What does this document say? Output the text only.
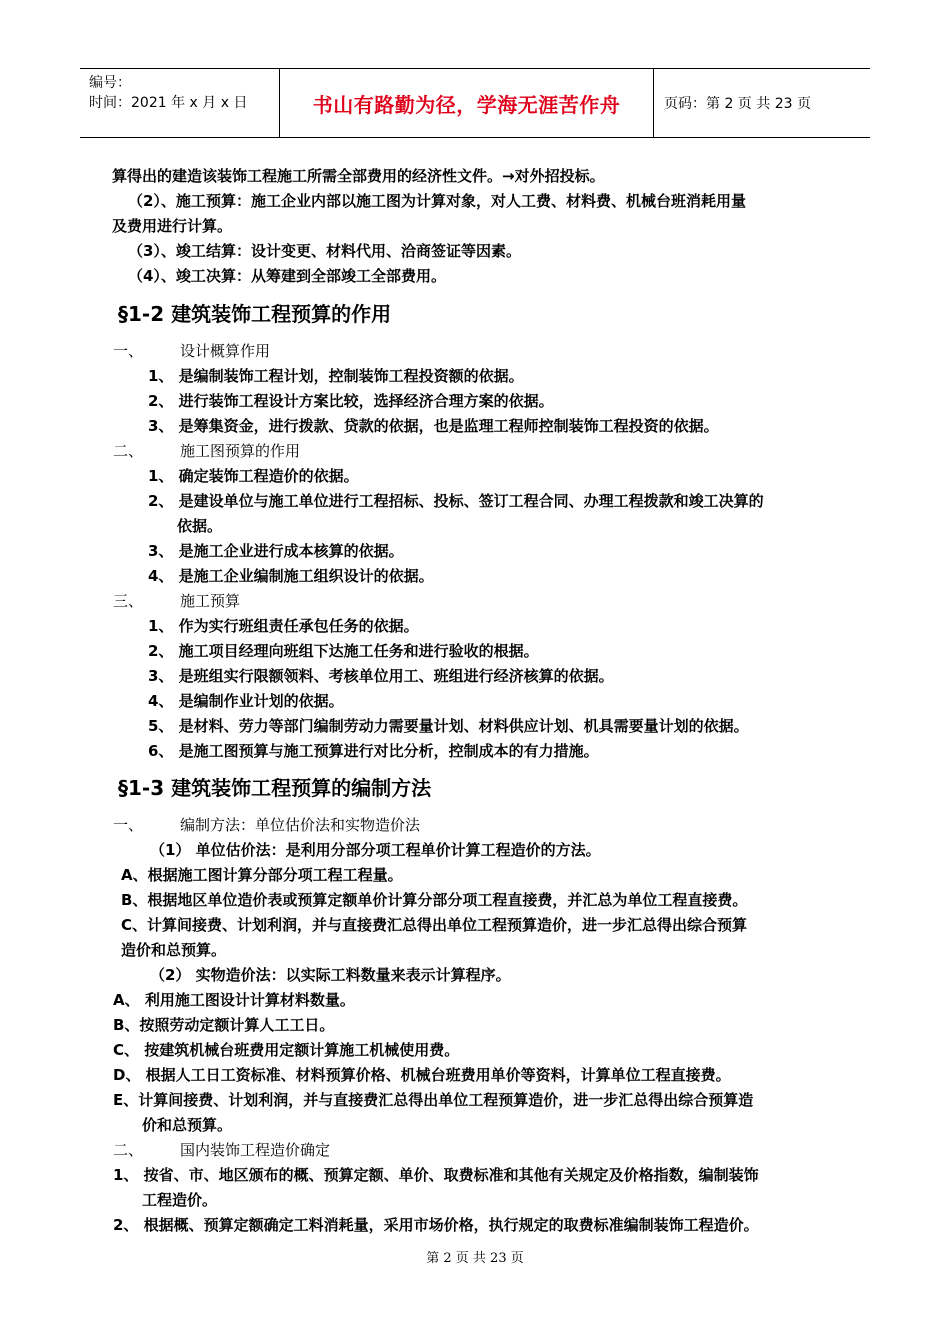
编号：
时间：2021 年 x 月 x 日	书山有路勤为径，学海无涯苦作舟	页码：第 2 页 共 23 页
算得出的建造该装饰工程施工所需全部费用的经济性文件。→对外招投标。
（2）、施工预算：施工企业内部以施工图为计算对象，对人工费、材料费、机械台班消耗用量
及费用进行计算。
（3）、竣工结算：设计变更、材料代用、洽商签证等因素。
（4）、竣工决算：从筹建到全部竣工全部费用。
§1-2 建筑装饰工程预算的作用
一、 设计概算作用
1、 是编制装饰工程计划，控制装饰工程投资额的依据。
2、 进行装饰工程设计方案比较，选择经济合理方案的依据。
3、 是筹集资金，进行拨款、贷款的依据，也是监理工程师控制装饰工程投资的依据。
二、 施工图预算的作用
1、 确定装饰工程造价的依据。
2、 是建设单位与施工单位进行工程招标、投标、签订工程合同、办理工程拨款和竣工决算的
依据。
3、 是施工企业进行成本核算的依据。
4、 是施工企业编制施工组织设计的依据。
三、 施工预算
1、 作为实行班组责任承包任务的依据。
2、 施工项目经理向班组下达施工任务和进行验收的根据。
3、 是班组实行限额领料、考核单位用工、班组进行经济核算的依据。
4、 是编制作业计划的依据。
5、 是材料、劳力等部门编制劳动力需要量计划、材料供应计划、机具需要量计划的依据。
6、 是施工图预算与施工预算进行对比分析，控制成本的有力措施。
§1-3 建筑装饰工程预算的编制方法
一、 编制方法：单位估价法和实物造价法
（1） 单位估价法：是利用分部分项工程单价计算工程造价的方法。
A、根据施工图计算分部分项工程工程量。
B、根据地区单位造价表或预算定额单价计算分部分项工程直接费，并汇总为单位工程直接费。
C、计算间接费、计划利润，并与直接费汇总得出单位工程预算造价，进一步汇总得出综合预算
造价和总预算。
（2） 实物造价法：以实际工料数量来表示计算程序。
A、 利用施工图设计计算材料数量。
B、按照劳动定额计算人工工日。
C、 按建筑机械台班费用定额计算施工机械使用费。
D、 根据人工日工资标准、材料预算价格、机械台班费用单价等资料，计算单位工程直接费。
E、计算间接费、计划利润，并与直接费汇总得出单位工程预算造价，进一步汇总得出综合预算造
价和总预算。
二、 国内装饰工程造价确定
1、 按省、市、地区颁布的概、预算定额、单价、取费标准和其他有关规定及价格指数，编制装饰
工程造价。
2、 根据概、预算定额确定工料消耗量，采用市场价格，执行规定的取费标准编制装饰工程造价。
第 2 页 共 23 页
